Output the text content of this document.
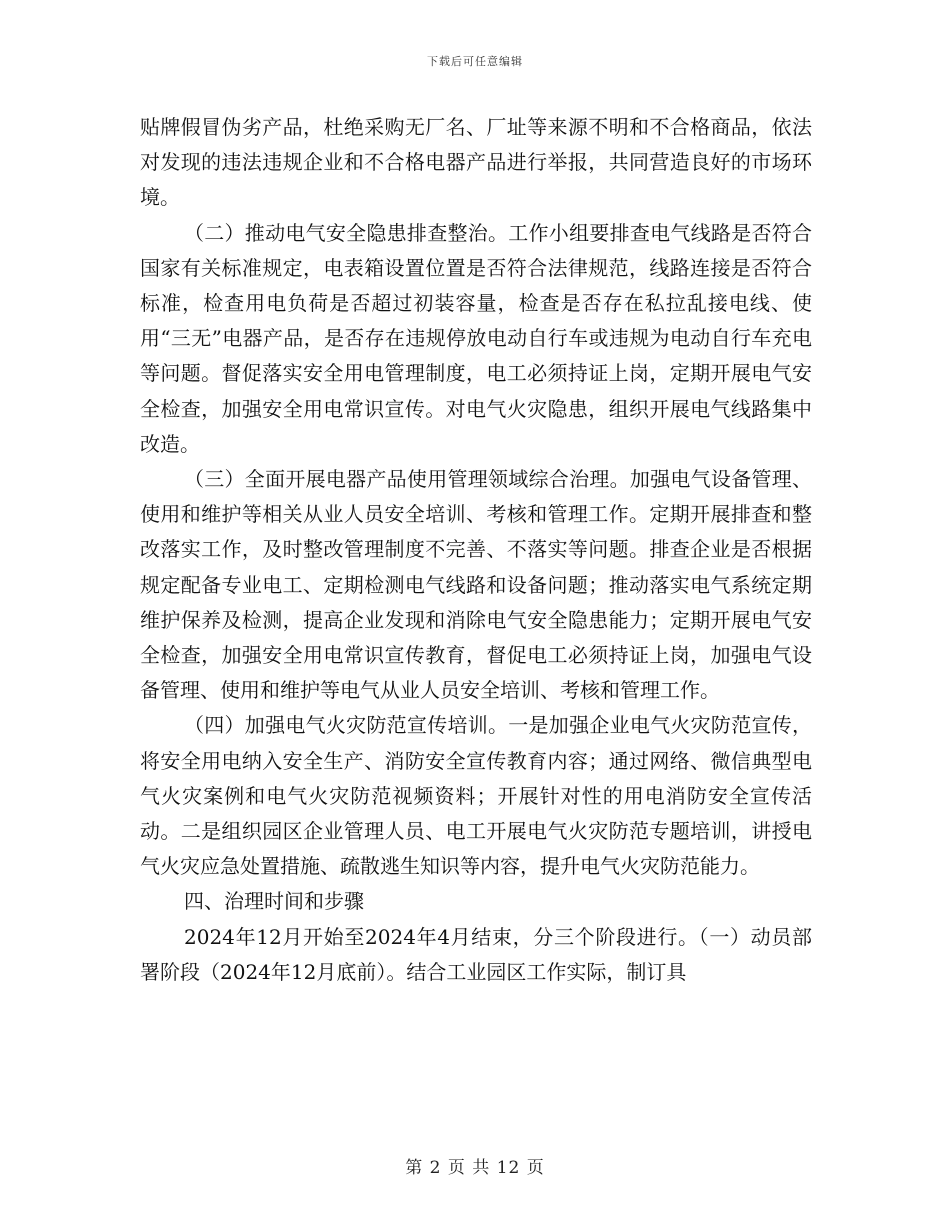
下载后可任意编辑

贴牌假冒伪劣产品，杜绝采购无厂名、厂址等来源不明和不合格商品，依法对发现的违法违规企业和不合格电器产品进行举报，共同营造良好的市场环境。

（二）推动电气安全隐患排查整治。工作小组要排查电气线路是否符合国家有关标准规定，电表箱设置位置是否符合法律规范，线路连接是否符合标准，检查用电负荷是否超过初装容量，检查是否存在私拉乱接电线、使用“三无”电器产品，是否存在违规停放电动自行车或违规为电动自行车充电等问题。督促落实安全用电管理制度，电工必须持证上岗，定期开展电气安全检查，加强安全用电常识宣传。对电气火灾隐患，组织开展电气线路集中改造。

（三）全面开展电器产品使用管理领域综合治理。加强电气设备管理、使用和维护等相关从业人员安全培训、考核和管理工作。定期开展排查和整改落实工作，及时整改管理制度不完善、不落实等问题。排查企业是否根据规定配备专业电工、定期检测电气线路和设备问题；推动落实电气系统定期维护保养及检测，提高企业发现和消除电气安全隐患能力；定期开展电气安全检查，加强安全用电常识宣传教育，督促电工必须持证上岗，加强电气设备管理、使用和维护等电气从业人员安全培训、考核和管理工作。

（四）加强电气火灾防范宣传培训。一是加强企业电气火灾防范宣传，将安全用电纳入安全生产、消防安全宣传教育内容；通过网络、微信典型电气火灾案例和电气火灾防范视频资料；开展针对性的用电消防安全宣传活动。二是组织园区企业管理人员、电工开展电气火灾防范专题培训，讲授电气火灾应急处置措施、疏散逃生知识等内容，提升电气火灾防范能力。

四、治理时间和步骤

2024年12月开始至2024年4月结束，分三个阶段进行。（一）动员部署阶段（2024年12月底前）。结合工业园区工作实际，制订具

第 2 页 共 12 页
